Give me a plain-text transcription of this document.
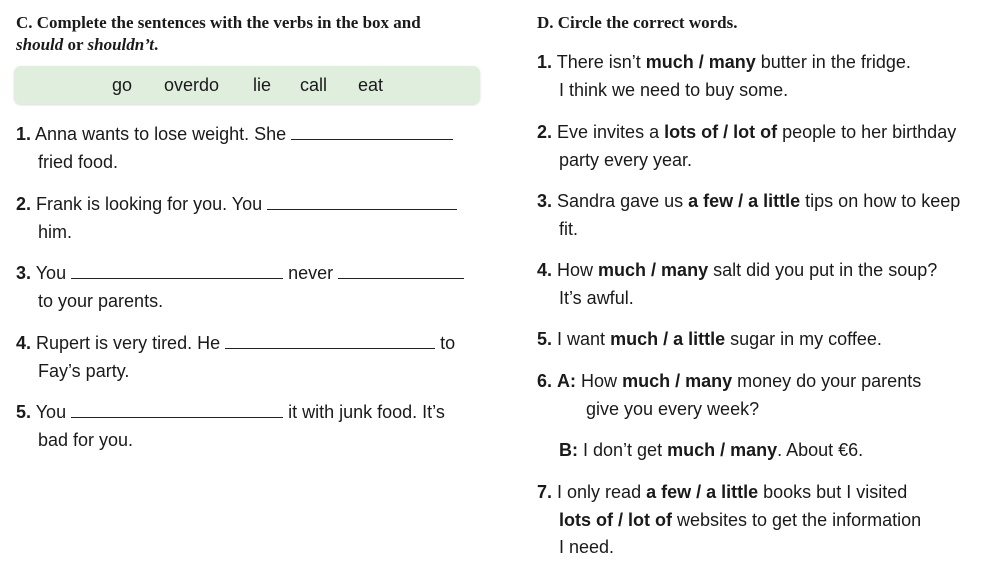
C. Complete the sentences with the verbs in the box and
should or shouldn’t.
go overdo lie call eat
1. Anna wants to lose weight. She
fried food.
2. Frank is looking for you. You
him.
3. You	never
to your parents.
4. Rupert is very tired. He	to
Fay’s party.
5. You	it with junk food. It’s
bad for you.
D. Circle the correct words.
1. There isn’t much / many butter in the fridge.
I think we need to buy some.
2. Eve invites a lots of / lot of people to her birthday
party every year.
3. Sandra gave us a few / a little tips on how to keep
fit.
4. How much / many salt did you put in the soup?
It’s awful.
5. I want much / a little sugar in my coffee.
6. A: How much / many money do your parents
give you every week?
B: I don’t get much / many. About €6.
7. I only read a few / a little books but I visited
lots of / lot of websites to get the information
I need.
